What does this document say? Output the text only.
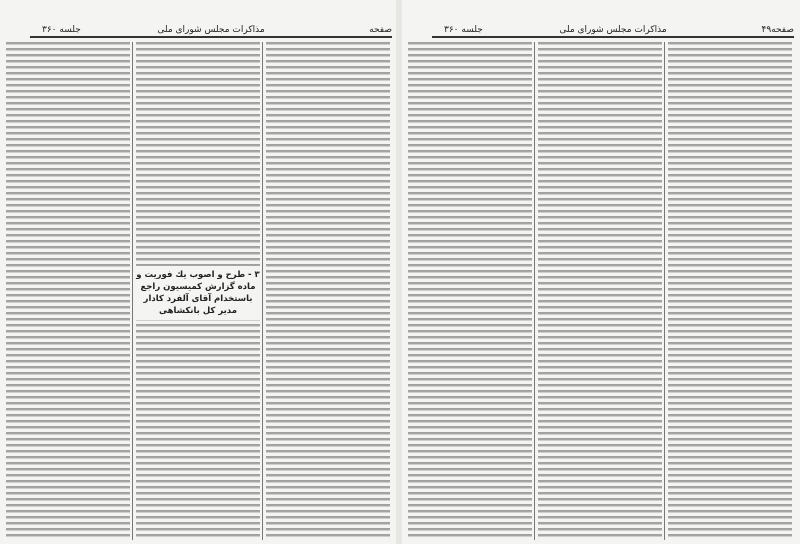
جلسه ۳۶۰	مذاکرات مجلس شورای ملی	صفحه
۳ - طرح و اصوب يك فوريت و ماده گزارش كميسيون راجع باستخدام آقاى آلفرد كادار مدير كل بانكشاهى
جلسه ۳۶۰	مذاکرات مجلس شورای ملی	صفحه۴۹
